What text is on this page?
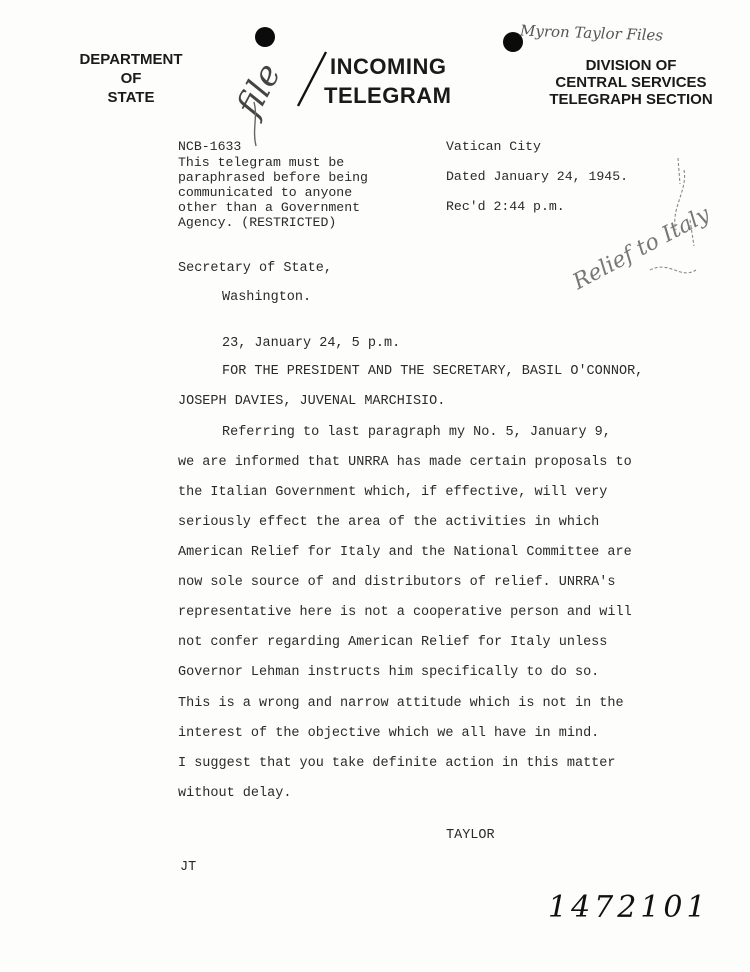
DEPARTMENT
OF
STATE
INCOMING
TELEGRAM
DIVISION OF
CENTRAL SERVICES
TELEGRAPH SECTION
Myron Taylor Files
file
Relief to Italy
1472101
NCB-1633
This telegram must be
paraphrased before being
communicated to anyone
other than a Government
Agency. (RESTRICTED)
Vatican City
Dated January 24, 1945.
Rec'd 2:44 p.m.
Secretary of State,
Washington.
23, January 24, 5 p.m.
FOR THE PRESIDENT AND THE SECRETARY, BASIL O'CONNOR,
JOSEPH DAVIES, JUVENAL MARCHISIO.
Referring to last paragraph my No. 5, January 9,
we are informed that UNRRA has made certain proposals to
the Italian Government which, if effective, will very
seriously effect the area of the activities in which
American Relief for Italy and the National Committee are
now sole source of and distributors of relief. UNRRA's
representative here is not a cooperative person and will
not confer regarding American Relief for Italy unless
Governor Lehman instructs him specifically to do so.
This is a wrong and narrow attitude which is not in the
interest of the objective which we all have in mind.
I suggest that you take definite action in this matter
without delay.
TAYLOR
JT
